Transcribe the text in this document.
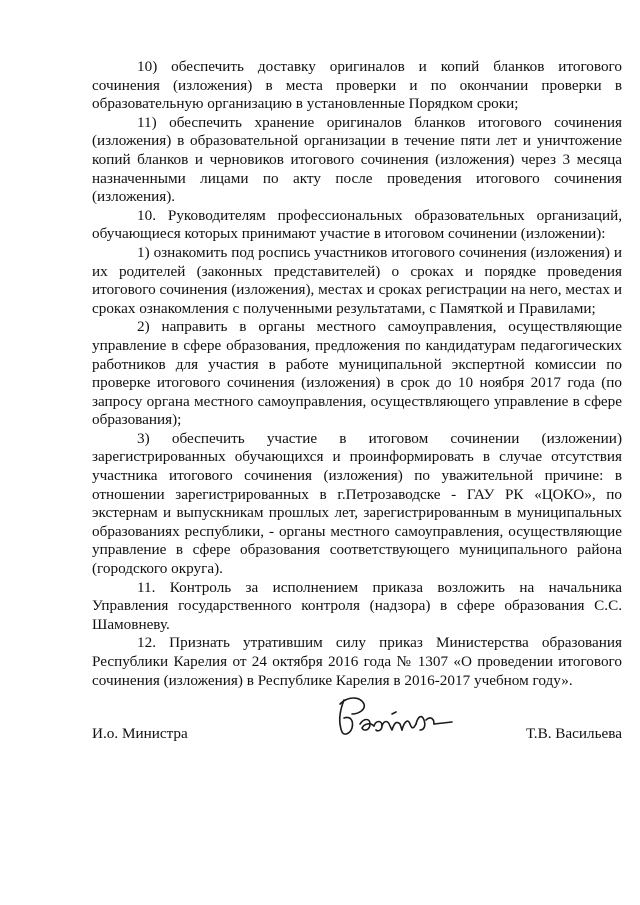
10) обеспечить доставку оригиналов и копий бланков итогового сочинения (изложения) в места проверки и по окончании проверки в образовательную организацию в установленные Порядком сроки;

11) обеспечить хранение оригиналов бланков итогового сочинения (изложения) в образовательной организации в течение пяти лет и уничтожение копий бланков и черновиков итогового сочинения (изложения) через 3 месяца назначенными лицами по акту после проведения итогового сочинения (изложения).

10. Руководителям профессиональных образовательных организаций, обучающиеся которых принимают участие в итоговом сочинении (изложении):

1) ознакомить под роспись участников итогового сочинения (изложения) и их родителей (законных представителей) о сроках и порядке проведения итогового сочинения (изложения), местах и сроках регистрации на него, местах и сроках ознакомления с полученными результатами, с Памяткой и Правилами;

2) направить в органы местного самоуправления, осуществляющие управление в сфере образования, предложения по кандидатурам педагогических работников для участия в работе муниципальной экспертной комиссии по проверке итогового сочинения (изложения) в срок до 10 ноября 2017 года (по запросу органа местного самоуправления, осуществляющего управление в сфере образования);

3) обеспечить участие в итоговом сочинении (изложении) зарегистрированных обучающихся и проинформировать в случае отсутствия участника итогового сочинения (изложения) по уважительной причине: в отношении зарегистрированных в г.Петрозаводске - ГАУ РК «ЦОКО», по экстернам и выпускникам прошлых лет, зарегистрированным в муниципальных образованиях республики, - органы местного самоуправления, осуществляющие управление в сфере образования соответствующего муниципального района (городского округа).

11. Контроль за исполнением приказа возложить на начальника Управления государственного контроля (надзора) в сфере образования С.С. Шамовневу.

12. Признать утратившим силу приказ Министерства образования Республики Карелия от 24 октября 2016 года № 1307 «О проведении итогового сочинения (изложения) в Республике Карелия в 2016-2017 учебном году».

И.о. Министра	Т.В. Васильева
